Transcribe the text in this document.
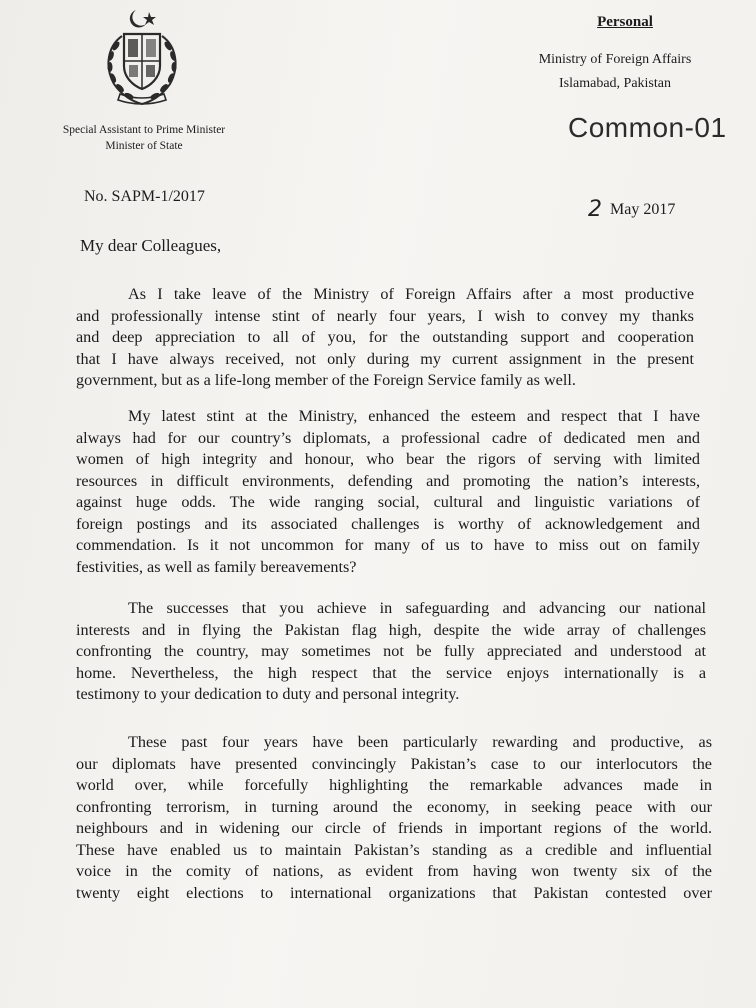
Special Assistant to Prime Minister
Minister of State
Personal
Ministry of Foreign Affairs
Islamabad, Pakistan
Common-01
No. SAPM-1/2017
2 May 2017
My dear Colleagues,
As I take leave of the Ministry of Foreign Affairs after a most productive
and professionally intense stint of nearly four years, I wish to convey my thanks
and deep appreciation to all of you, for the outstanding support and cooperation
that I have always received, not only during my current assignment in the present
government, but as a life-long member of the Foreign Service family as well.
My latest stint at the Ministry, enhanced the esteem and respect that I have
always had for our country’s diplomats, a professional cadre of dedicated men and
women of high integrity and honour, who bear the rigors of serving with limited
resources in difficult environments, defending and promoting the nation’s interests,
against huge odds. The wide ranging social, cultural and linguistic variations of
foreign postings and its associated challenges is worthy of acknowledgement and
commendation. Is it not uncommon for many of us to have to miss out on family
festivities, as well as family bereavements?
The successes that you achieve in safeguarding and advancing our national
interests and in flying the Pakistan flag high, despite the wide array of challenges
confronting the country, may sometimes not be fully appreciated and understood at
home. Nevertheless, the high respect that the service enjoys internationally is a
testimony to your dedication to duty and personal integrity.
These past four years have been particularly rewarding and productive, as
our diplomats have presented convincingly Pakistan’s case to our interlocutors the
world over, while forcefully highlighting the remarkable advances made in
confronting terrorism, in turning around the economy, in seeking peace with our
neighbours and in widening our circle of friends in important regions of the world.
These have enabled us to maintain Pakistan’s standing as a credible and influential
voice in the comity of nations, as evident from having won twenty six of the
twenty eight elections to international organizations that Pakistan contested over
